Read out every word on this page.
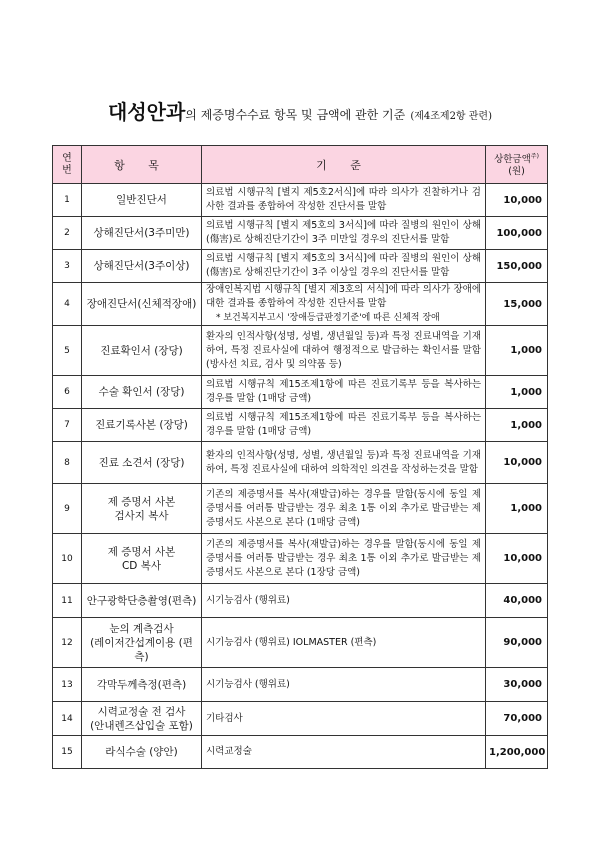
대성안과의 제증명수수료 항목 및 금액에 관한 기준 (제4조제2항 관련)
연
번	항 목	기 준	상한금액$^{주)}$
(원)

1	일반진단서	의료법 시행규칙 [별지 제5호2서식]에 따라 의사가 진찰하거나 검사한 결과를 종합하여 작성한 진단서를 말함	10,000
2	상해진단서(3주미만)	의료법 시행규칙 [별지 제5호의 3서식]에 따라 질병의 원인이 상해(傷害)로 상해진단기간이 3주 미만일 경우의 진단서를 말함	100,000
3	상해진단서(3주이상)	의료법 시행규칙 [별지 제5호의 3서식]에 따라 질병의 원인이 상해(傷害)로 상해진단기간이 3주 이상일 경우의 진단서를 말함	150,000
4	장애진단서(신체적장애)	장애인복지법 시행규칙 [별지 제3호의 서식]에 따라 의사가 장애에 대한 결과를 종합하여 작성한 진단서를 말함
* 보건복지부고시 '장애등급판정기준'에 따른 신체적 장애	15,000
5	진료확인서 (장당)	환자의 인적사항(성명, 성별, 생년월일 등)과 특정 진료내역을 기재하여, 특정 진료사실에 대하여 행정적으로 발급하는 확인서를 말함(방사선 치료, 검사 및 의약품 등)	1,000
6	수술 확인서 (장당)	의료법 시행규칙 제15조제1항에 따른 진료기록부 등을 복사하는 경우를 말함 (1매당 금액)	1,000
7	진료기록사본 (장당)	의료법 시행규칙 제15조제1항에 따른 진료기록부 등을 복사하는 경우를 말함 (1매당 금액)	1,000
8	진료 소견서 (장당)	환자의 인적사항(성명, 성별, 생년월일 등)과 특정 진료내역을 기재하여, 특정 진료사실에 대하여 의학적인 의견을 작성하는것을 말함	10,000
9	제 증명서 사본
검사지 복사	기존의 제증명서를 복사(재발급)하는 경우를 말함(동시에 동일 제증명서를 여러통 발급받는 경우 최초 1통 이외 추가로 발급받는 제증명서도 사본으로 본다 (1매당 금액)	1,000
10	제 증명서 사본
CD 복사	기존의 제증명서를 복사(재발급)하는 경우를 말함(동시에 동일 제증명서를 여러통 발급받는 경우 최초 1통 이외 추가로 발급받는 제증명서도 사본으로 본다 (1장당 금액)	10,000
11	안구광학단층촬영(편측)	시기능검사 (행위료)	40,000
12	눈의 계측검사
(레이저간섭계이용 (편측)	시기능검사 (행위료) IOLMASTER (편측)	90,000
13	각막두께측정(편측)	시기능검사 (행위료)	30,000
14	시력교정술 전 검사
(안내렌즈삽입술 포함)	기타검사	70,000
15	라식수술 (양안)	시력교정술	1,200,000
